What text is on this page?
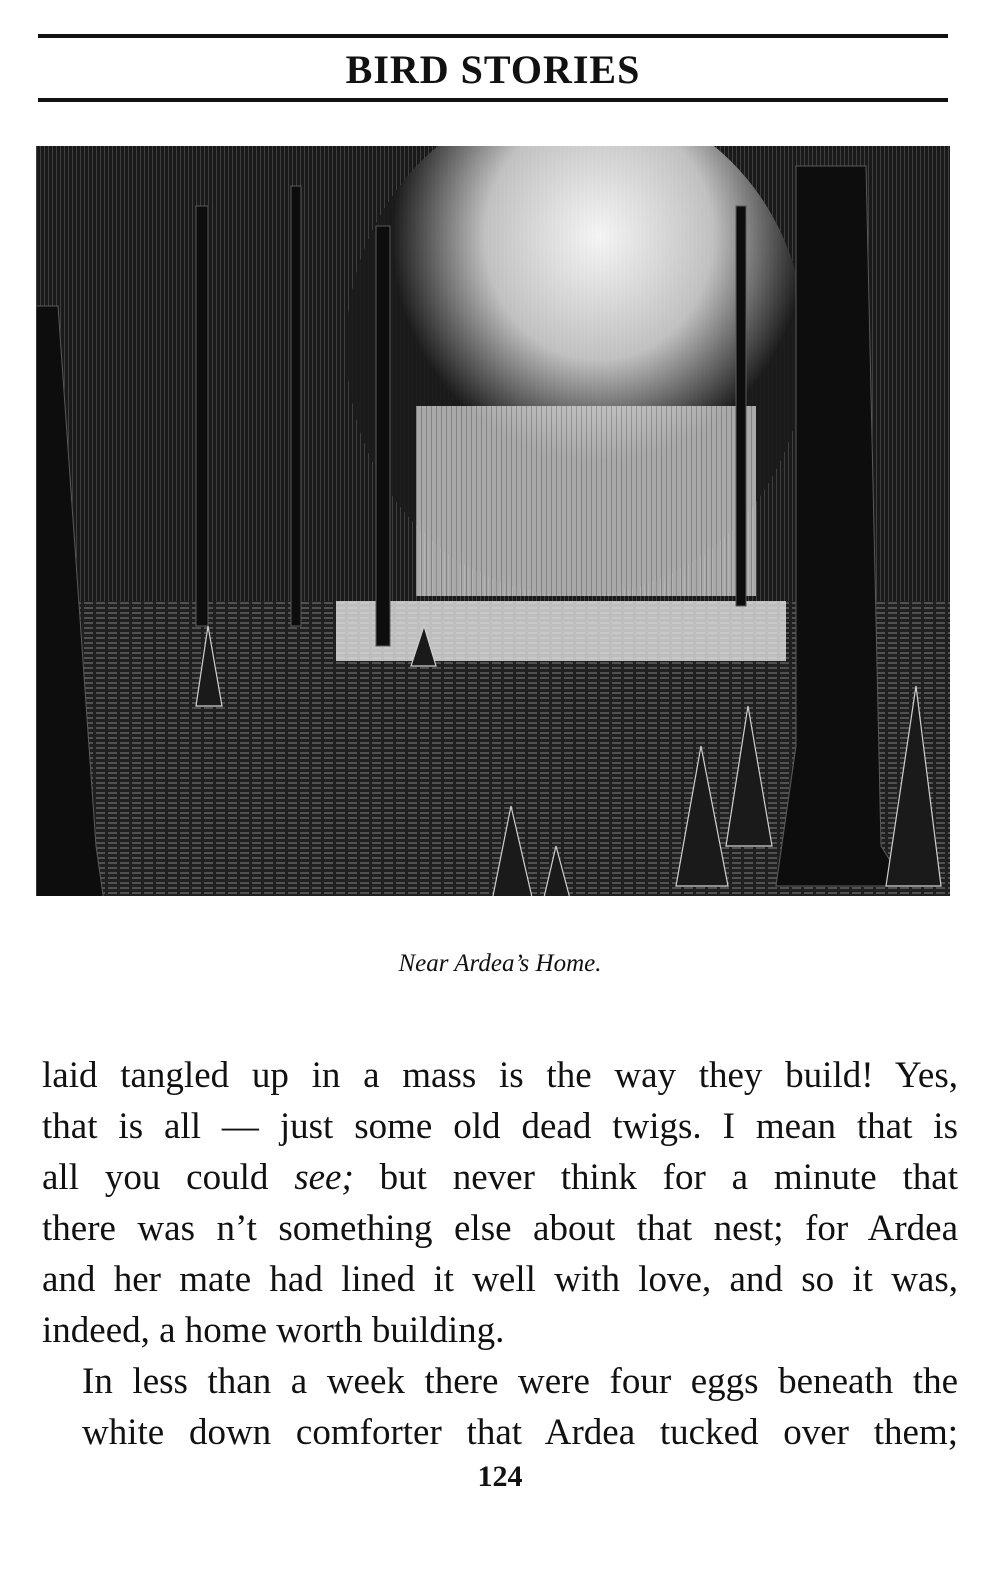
BIRD STORIES
Near Ardea’s Home.

laid tangled up in a mass is the way they build! Yes,
that is all — just some old dead twigs. I mean that is
all you could see; but never think for a minute that
there was n’t something else about that nest; for Ardea
and her mate had lined it well with love, and so it was,
indeed, a home worth building.

In less than a week there were four eggs beneath the
white down comforter that Ardea tucked over them;

124
